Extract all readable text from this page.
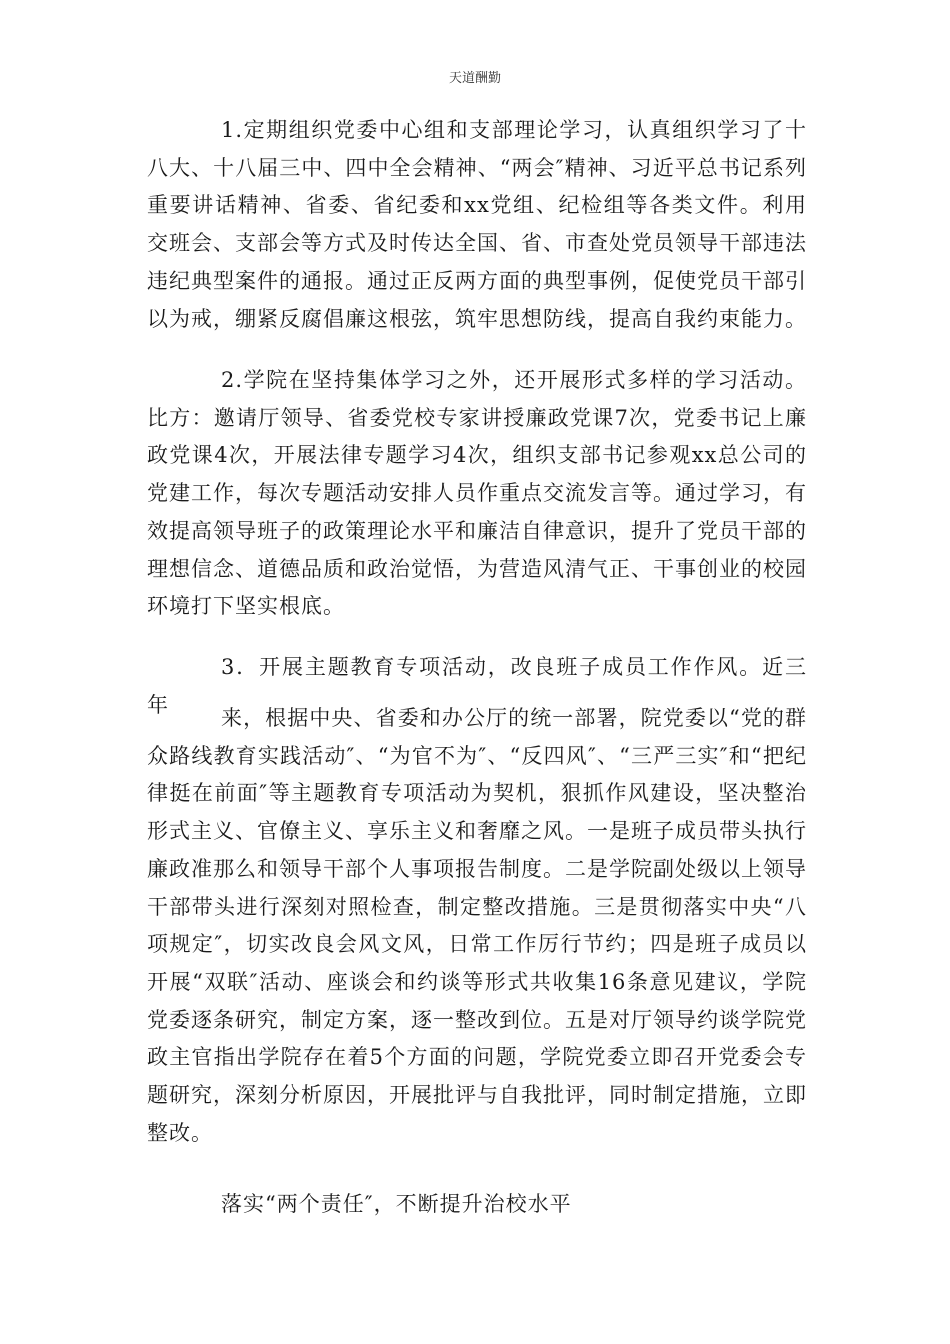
天道酬勤

1.定期组织党委中心组和支部理论学习，认真组织学习了十八大、十八届三中、四中全会精神、“两会″精神、习近平总书记系列重要讲话精神、省委、省纪委和xx党组、纪检组等各类文件。利用交班会、支部会等方式及时传达全国、省、市查处党员领导干部违法违纪典型案件的通报。通过正反两方面的典型事例，促使党员干部引以为戒，绷紧反腐倡廉这根弦，筑牢思想防线，提高自我约束能力。

2.学院在坚持集体学习之外，还开展形式多样的学习活动。比方：邀请厅领导、省委党校专家讲授廉政党课7次，党委书记上廉政党课4次，开展法律专题学习4次，组织支部书记参观xx总公司的党建工作，每次专题活动安排人员作重点交流发言等。通过学习，有效提高领导班子的政策理论水平和廉洁自律意识，提升了党员干部的理想信念、道德品质和政治觉悟，为营造风清气正、干事创业的校园环境打下坚实根底。

3．开展主题教育专项活动，改良班子成员工作作风。近三年

来，根据中央、省委和办公厅的统一部署，院党委以“党的群众路线教育实践活动″、“为官不为″、“反四风″、“三严三实″和“把纪律挺在前面″等主题教育专项活动为契机，狠抓作风建设，坚决整治形式主义、官僚主义、享乐主义和奢靡之风。一是班子成员带头执行廉政准那么和领导干部个人事项报告制度。二是学院副处级以上领导干部带头进行深刻对照检查，制定整改措施。三是贯彻落实中央“八项规定″，切实改良会风文风，日常工作厉行节约；四是班子成员以开展“双联″活动、座谈会和约谈等形式共收集16条意见建议，学院党委逐条研究，制定方案，逐一整改到位。五是对厅领导约谈学院党政主官指出学院存在着5个方面的问题，学院党委立即召开党委会专题研究，深刻分析原因，开展批评与自我批评，同时制定措施，立即整改。

落实“两个责任″，不断提升治校水平
